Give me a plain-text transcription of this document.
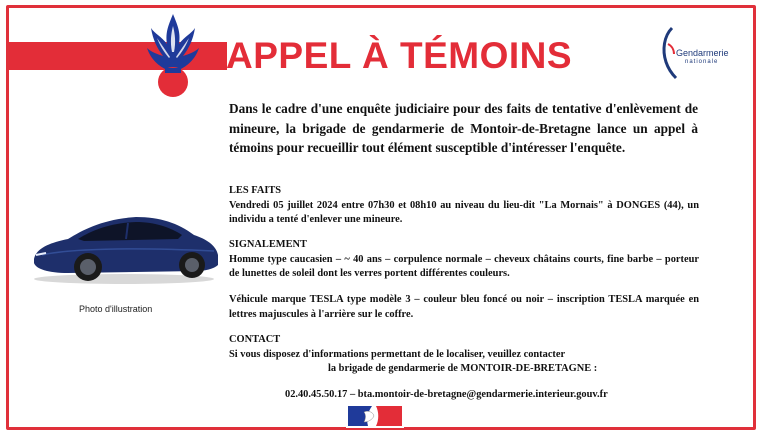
APPEL À TÉMOINS	Gendarmerie
nationale
Dans le cadre d'une enquête judiciaire pour des faits de tentative d'enlèvement de mineure, la brigade de gendarmerie de Montoir-de-Bretagne lance un appel à témoins pour recueillir tout élément susceptible d'intéresser l'enquête.
LES FAITS
Vendredi 05 juillet 2024 entre 07h30 et 08h10 au niveau du lieu-dit "La Mornais" à DONGES (44), un individu a tenté d'enlever une mineure.
SIGNALEMENT
Homme type caucasien – ~ 40 ans – corpulence normale – cheveux châtains courts, fine barbe – porteur de lunettes de soleil dont les verres portent différentes couleurs.
Véhicule marque TESLA type modèle 3 – couleur bleu foncé ou noir – inscription TESLA marquée en lettres majuscules à l'arrière sur le coffre.
CONTACT
Si vous disposez d'informations permettant de le localiser, veuillez contacter
la brigade de gendarmerie de MONTOIR-DE-BRETAGNE :
02.40.45.50.17 – bta.montoir-de-bretagne@gendarmerie.interieur.gouv.fr
Photo d'illustration
